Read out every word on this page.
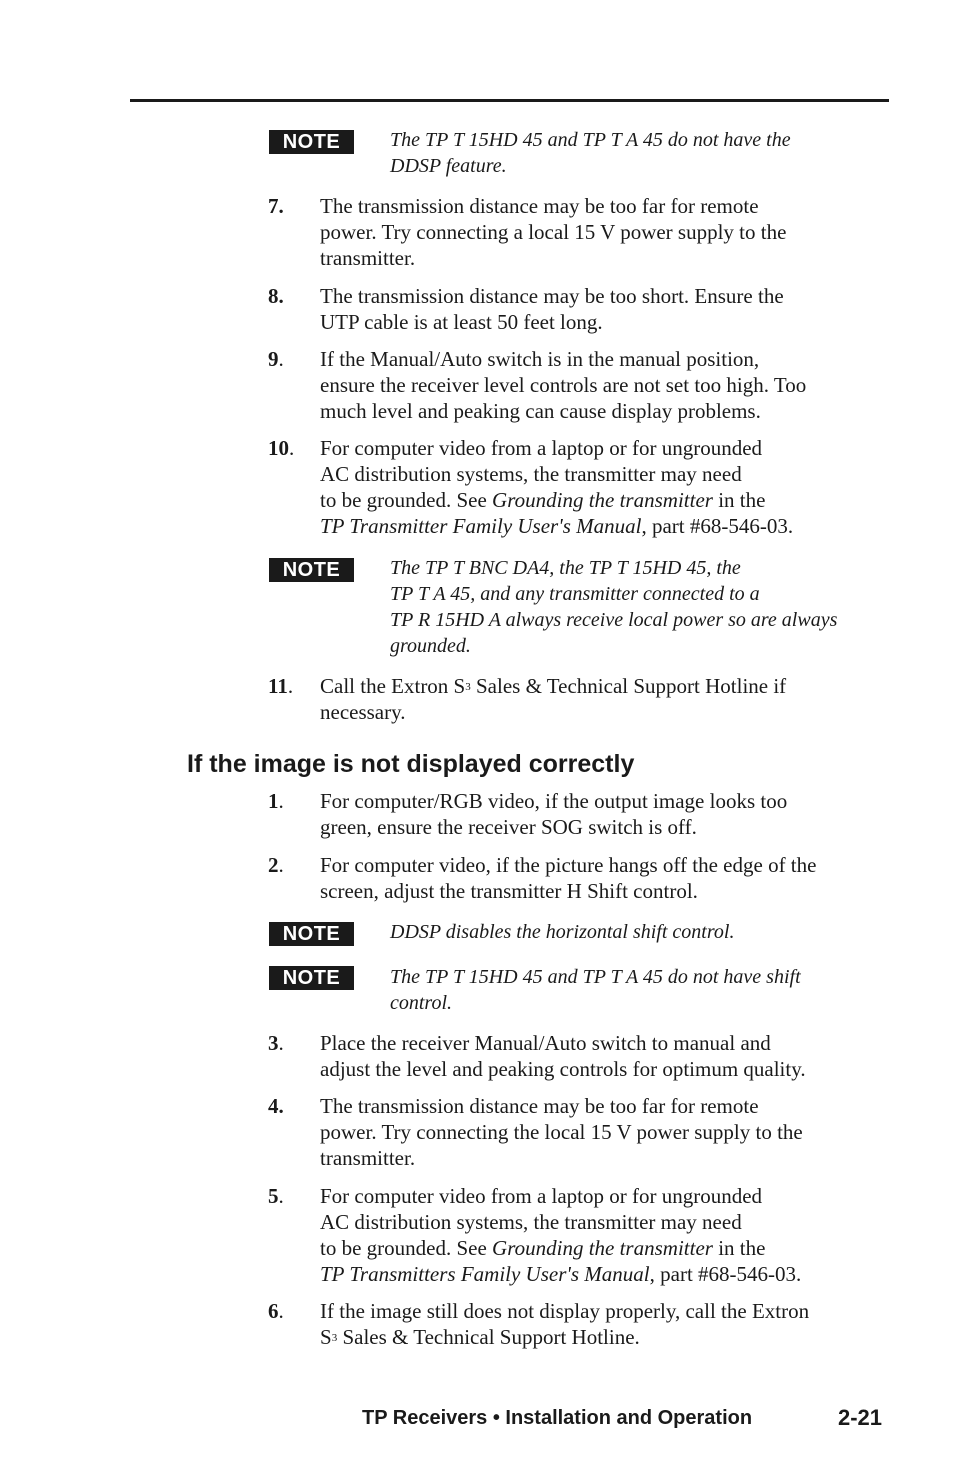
NOTE	The TP T 15HD 45 and TP T A 45 do not have the
DDSP feature.
7. The transmission distance may be too far for remote
power. Try connecting a local 15 V power supply to the
transmitter.
8. The transmission distance may be too short. Ensure the
UTP cable is at least 50 feet long.
9. If the Manual/Auto switch is in the manual position,
ensure the receiver level controls are not set too high. Too
much level and peaking can cause display problems.
10. For computer video from a laptop or for ungrounded
AC distribution systems, the transmitter may need
to be grounded. See Grounding the transmitter in the
TP Transmitter Family User's Manual, part #68-546-03.
NOTE	The TP T BNC DA4, the TP T 15HD 45, the
TP T A 45, and any transmitter connected to a
TP R 15HD A always receive local power so are always
grounded.
11. Call the Extron $S^3$ Sales & Technical Support Hotline if
necessary.
If the image is not displayed correctly
1. For computer/RGB video, if the output image looks too
green, ensure the receiver SOG switch is off.
2. For computer video, if the picture hangs off the edge of the
screen, adjust the transmitter H Shift control.
NOTE	DDSP disables the horizontal shift control.
NOTE	The TP T 15HD 45 and TP T A 45 do not have shift
control.
3. Place the receiver Manual/Auto switch to manual and
adjust the level and peaking controls for optimum quality.
4. The transmission distance may be too far for remote
power. Try connecting the local 15 V power supply to the
transmitter.
5. For computer video from a laptop or for ungrounded
AC distribution systems, the transmitter may need
to be grounded. See Grounding the transmitter in the
TP Transmitters Family User's Manual, part #68-546-03.
6. If the image still does not display properly, call the Extron
$S^3$ Sales & Technical Support Hotline.
TP Receivers • Installation and Operation	2-21
